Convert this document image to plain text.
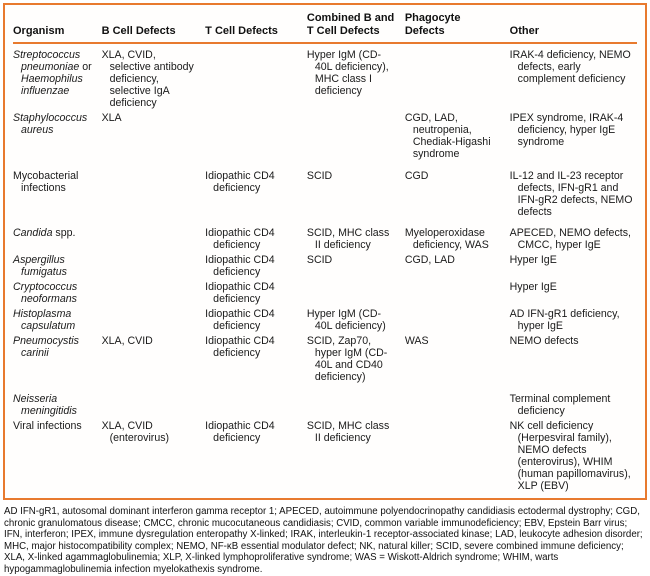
Organism	B Cell Defects	T Cell Defects	Combined B and T Cell Defects	Phagocyte Defects	Other
Streptococcus pneumoniae or Haemophilus influenzae	XLA, CVID, selective antibody deficiency, selective IgA deficiency		Hyper IgM (CD-40L deficiency), MHC class I deficiency		IRAK-4 deficiency, NEMO defects, early complement deficiency
Staphylococcus aureus	XLA			CGD, LAD, neutropenia, Chediak-Higashi syndrome	IPEX syndrome, IRAK-4 deficiency, hyper IgE syndrome
Mycobacterial infections		Idiopathic CD4 deficiency	SCID	CGD	IL-12 and IL-23 receptor defects, IFN-gR1 and IFN-gR2 defects, NEMO defects
Candida spp.		Idiopathic CD4 deficiency	SCID, MHC class II deficiency	Myeloperoxidase deficiency, WAS	APECED, NEMO defects, CMCC, hyper IgE
Aspergillus fumigatus		Idiopathic CD4 deficiency	SCID	CGD, LAD	Hyper IgE
Cryptococcus neoformans		Idiopathic CD4 deficiency			Hyper IgE
Histoplasma capsulatum		Idiopathic CD4 deficiency	Hyper IgM (CD-40L deficiency)		AD IFN-gR1 deficiency, hyper IgE
Pneumocystis carinii	XLA, CVID	Idiopathic CD4 deficiency	SCID, Zap70, hyper IgM (CD-40L and CD40 deficiency)	WAS	NEMO defects
Neisseria meningitidis					Terminal complement deficiency
Viral infections	XLA, CVID (enterovirus)	Idiopathic CD4 deficiency	SCID, MHC class II deficiency		NK cell deficiency (Herpesviral family), NEMO defects (enterovirus), WHIM (human papillomavirus), XLP (EBV)

AD IFN-gR1, autosomal dominant interferon gamma receptor 1; APECED, autoimmune polyendocrinopathy candidiasis ectodermal dystrophy; CGD, chronic granulomatous disease; CMCC, chronic mucocutaneous candidiasis; CVID, common variable immunodeficiency; EBV, Epstein Barr virus; IFN, interferon; IPEX, immune dysregulation enteropathy X-linked; IRAK, interleukin-1 receptor-associated kinase; LAD, leukocyte adhesion disorder; MHC, major histocompatibility complex; NEMO, NF-κB essential modulator defect; NK, natural killer; SCID, severe combined immune deficiency; XLA, X-linked agammaglobulinemia; XLP, X-linked lymphoproliferative syndrome; WAS = Wiskott-Aldrich syndrome; WHIM, warts hypogammaglobulinemia infection myelokathexis syndrome.
